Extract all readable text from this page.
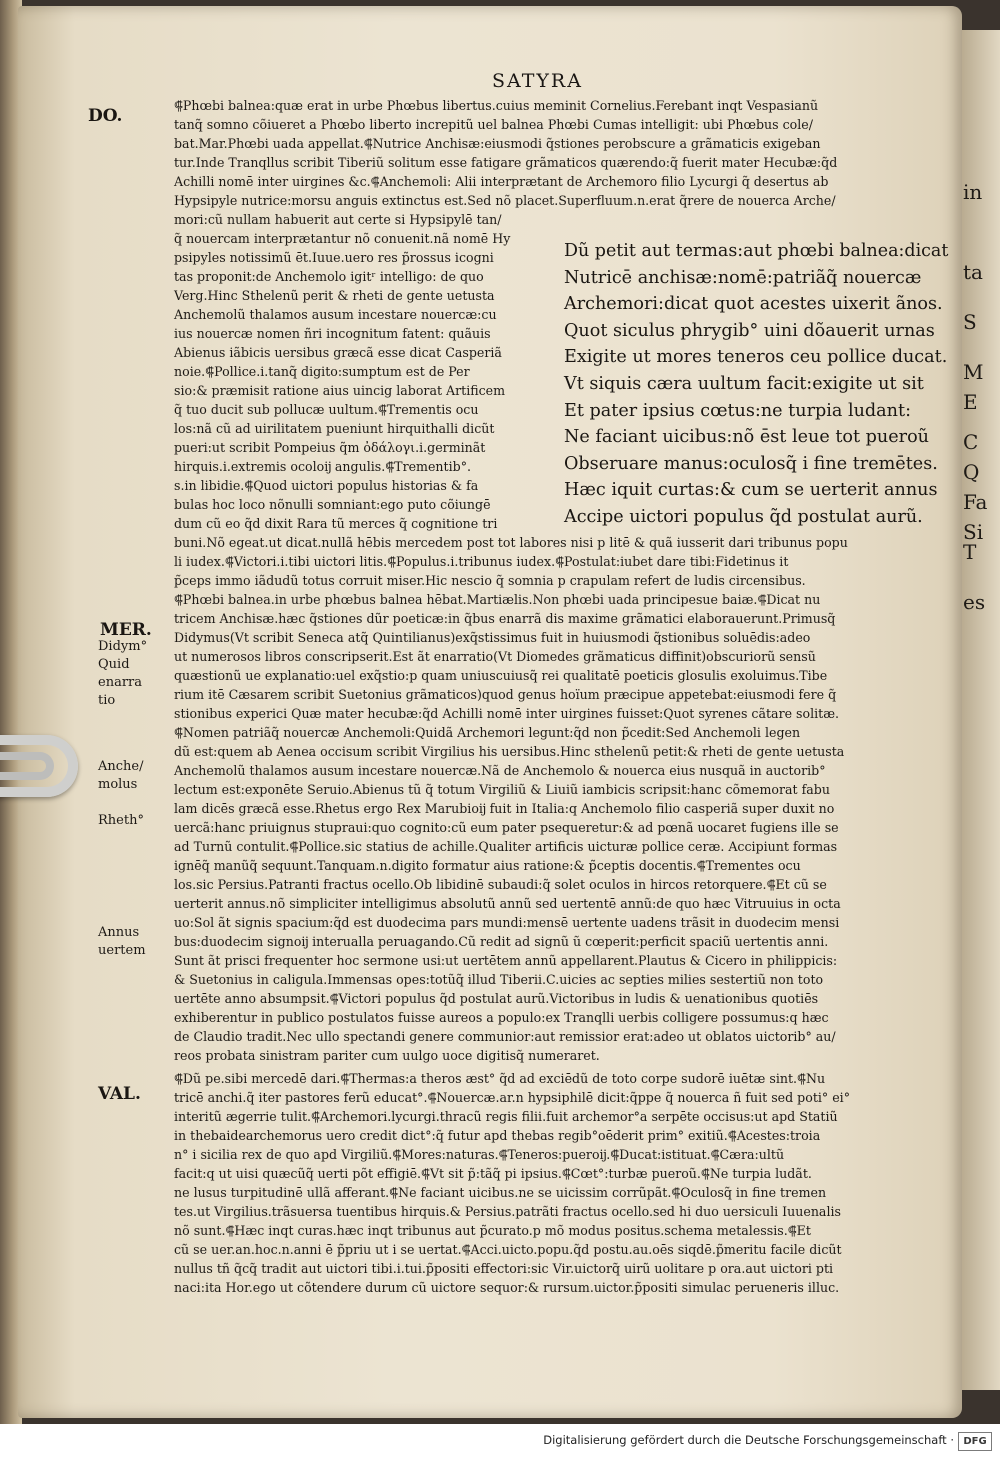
in
ta
S
M
E
C
Q
Fa
Si
T
es
SATYRA
DO.
MER.
VAL.
Didym°
Quid
enarra
tio
Anche/
molus
Rheth°
Annus
uertem
⸿Phœbi balnea:quæ erat in urbe Phœbus libertus.cuius meminit Cornelius.Ferebant inqt Vespasianũ
tanq̃ somno cõiueret a Phœbo liberto increpitũ uel balnea Phœbi Cumas intelligit: ubi Phœbus cole/
bat.Mar.Phœbi uada appellat.⸿Nutrice Anchisæ:eiusmodi q̃stiones perobscure a grãmaticis exigeban
tur.Inde Tranqllus scribit Tiberiũ solitum esse fatigare grãmaticos quærendo:q̃ fuerit mater Hecubæ:q̃d
Achilli nomē inter uirgines &c.⸿Anchemoli: Alii interprætant de Archemoro filio Lycurgi q̃ desertus ab
Hypsipyle nutrice:morsu anguis extinctus est.Sed nõ placet.Superfluum.n.erat q̃rere de nouerca Arche/
mori:cũ nullam habuerit aut certe si Hypsipylē tan/
q̃ nouercam interprætantur nõ conuenit.nã nomē Hy
psipyles notissimũ ēt.Iuue.uero res p̃rossus icogni
tas proponit:de Anchemolo igitʳ intelligo: de quo
Verg.Hinc Sthelenũ perit & rheti de gente uetusta
Anchemolũ thalamos ausum incestare nouercæ:cu
ius nouercæ nomen ñri incognitum fatent: quãuis
Abienus iãbicis uersibus græcã esse dicat Casperiã
noie.⸿Pollice.i.tanq̃ digito:sumptum est de Per
sio:& præmisit ratione aius uincig laborat Artificem
q̃ tuo ducit sub pollucæ uultum.⸿Trementis ocu
los:nã cũ ad uirilitatem pueniunt hirquithalli dicũt
pueri:ut scribit Pompeius q̃m ὀδάλογι.i.germinãt
hirquis.i.extremis ocoloĳ angulis.⸿Trementib°.
s.in libidie.⸿Quod uictori populus historias & fa
bulas hoc loco nõnulli somniant:ego puto cõiungē
dum cũ eo q̃d dixit Rara tũ merces q̃ cognitione tri
Dũ petit aut termas:aut phœbi balnea:dicat
Nutricē anchisæ:nomē:patriãq̃ nouercæ
Archemori:dicat quot acestes uixerit ãnos.
Quot siculus phrygib° uini dõauerit urnas
Exigite ut mores teneros ceu pollice ducat.
Vt siquis cæra uultum facit:exigite ut sit
Et pater ipsius cœtus:ne turpia ludant:
Ne faciant uicibus:nõ ēst leue tot pueroũ
Obseruare manus:oculosq̃ i fine tremētes.
Hæc iquit curtas:& cum se uerterit annus
Accipe uictori populus q̃d postulat aurũ.
buni.Nõ egeat.ut dicat.nullã hēbis mercedem post tot labores nisi p litē & quã iusserit dari tribunus popu
li iudex.⸿Victori.i.tibi uictori litis.⸿Populus.i.tribunus iudex.⸿Postulat:iubet dare tibi:Fidetinus it
p̃ceps immo iãdudũ totus corruit miser.Hic nescio q̃ somnia p crapulam refert de ludis circensibus.
⸿Phœbi balnea.in urbe phœbus balnea hēbat.Martiælis.Non phœbi uada principesue baiæ.⸿Dicat nu
tricem Anchisæ.hæc q̃stiones dũr poeticæ:in q̃bus enarrã dis maxime grãmatici elaborauerunt.Primusq̃
Didymus(Vt scribit Seneca atq̃ Quintilianus)exq̃stissimus fuit in huiusmodi q̃stionibus soluēdis:adeo
ut numerosos libros conscripserit.Est ãt enarratio(Vt Diomedes grãmaticus diffinit)obscuriorũ sensũ
quæstionũ ue explanatio:uel exq̃stio:p quam uniuscuiusq̃ rei qualitatē poeticis glosulis exoluimus.Tibe
rium itē Cæsarem scribit Suetonius grãmaticos)quod genus hoïum præcipue appetebat:eiusmodi fere q̃
stionibus experici Quæ mater hecubæ:q̃d Achilli nomē inter uirgines fuisset:Quot syrenes cãtare solitæ.
⸿Nomen patriãq̃ nouercæ Anchemoli:Quidã Archemori legunt:q̃d non p̃cedit:Sed Anchemoli legen
dũ est:quem ab Aenea occisum scribit Virgilius his uersibus.Hinc sthelenũ petit:& rheti de gente uetusta
Anchemolũ thalamos ausum incestare nouercæ.Nã de Anchemolo & nouerca eius nusquã in auctorib°
lectum est:exponēte Seruio.Abienus tũ q̃ totum Virgiliũ & Liuiũ iambicis scripsit:hanc cõmemorat fabu
lam dicēs græcã esse.Rhetus ergo Rex Marubioĳ fuit in Italia:q Anchemolo filio casperiã super duxit no
uercã:hanc priuignus stupraui:quo cognito:cũ eum pater psequeretur:& ad pœnã uocaret fugiens ille se
ad Turnũ contulit.⸿Pollice.sic statius de achille.Qualiter artificis uicturæ pollice ceræ. Accipiunt formas
ignēq̃ manũq̃ sequunt.Tanquam.n.digito formatur aius ratione:& p̃ceptis docentis.⸿Trementes ocu
los.sic Persius.Patranti fractus ocello.Ob libidinē subaudi:q̃ solet oculos in hircos retorquere.⸿Et cũ se
uerterit annus.nõ simpliciter intelligimus absolutũ annũ sed uertentē annũ:de quo hæc Vitruuius in octa
uo:Sol ãt signis spacium:q̃d est duodecima pars mundi:mensē uertente uadens trãsit in duodecim mensi
bus:duodecim signoĳ interualla peruagando.Cũ redit ad signũ ũ cœperit:perficit spaciũ uertentis anni.
Sunt ãt prisci frequenter hoc sermone usi:ut uertētem annũ appellarent.Plautus & Cicero in philippicis:
& Suetonius in caligula.Immensas opes:totũq̃ illud Tiberii.C.uicies ac septies milies sestertiũ non toto
uertēte anno absumpsit.⸿Victori populus q̃d postulat aurũ.Victoribus in ludis & uenationibus quotiēs
exhiberentur in publico postulatos fuisse aureos a populo:ex Tranqlli uerbis colligere possumus:q hæc
de Claudio tradit.Nec ullo spectandi genere communior:aut remissior erat:adeo ut oblatos uictorib° au/
reos probata sinistram pariter cum uulgo uoce digitisq̃ numeraret.
⸿Dũ pe.sibi mercedē dari.⸿Thermas:a theros æst° q̃d ad exciēdũ de toto corpe sudorē iuētæ sint.⸿Nu
tricē anchi.q̃ iter pastores ferũ educat°.⸿Nouercæ.ar.n hypsiphilē dicit:q̃ppe q̃ nouerca ñ fuit sed poti° ei°
interitũ ægerrie tulit.⸿Archemori.lycurgi.thracũ regis filii.fuit archemor°a serpēte occisus:ut apd Statiũ
in thebaidearchemorus uero credit dict°:q̃ futur apd thebas regib°oēderit prim° exitiũ.⸿Acestes:troia
n° i sicilia rex de quo apd Virgiliũ.⸿Mores:naturas.⸿Teneros:pueroĳ.⸿Ducat:istituat.⸿Cæra:ultũ
facit:q ut uisi quæcũq̃ uerti põt effigiē.⸿Vt sit p̃:tãq̃ pi ipsius.⸿Cœt°:turbæ pueroũ.⸿Ne turpia ludãt.
ne lusus turpitudinē ullã afferant.⸿Ne faciant uicibus.ne se uicissim corrũpãt.⸿Oculosq̃ in fine tremen
tes.ut Virgilius.trãsuersa tuentibus hirquis.& Persius.patrãti fractus ocello.sed hi duo uersiculi Iuuenalis
nõ sunt.⸿Hæc inqt curas.hæc inqt tribunus aut p̃curato.p mõ modus positus.schema metalessis.⸿Et
cũ se uer.an.hoc.n.anni ē p̃priu ut i se uertat.⸿Acci.uicto.popu.q̃d postu.au.oēs siqdē.p̃meritu facile dicũt
nullus tñ q̃cq̃ tradit aut uictori tibi.i.tui.p̃positi effectori:sic Vir.uictorq̃ uirũ uolitare p ora.aut uictori pti
naci:ita Hor.ego ut cõtendere durum cũ uictore sequor:& rursum.uictor.p̃positi simulac perueneris illuc.
Digitalisierung gefördert durch die Deutsche Forschungsgemeinschaft · DFG
